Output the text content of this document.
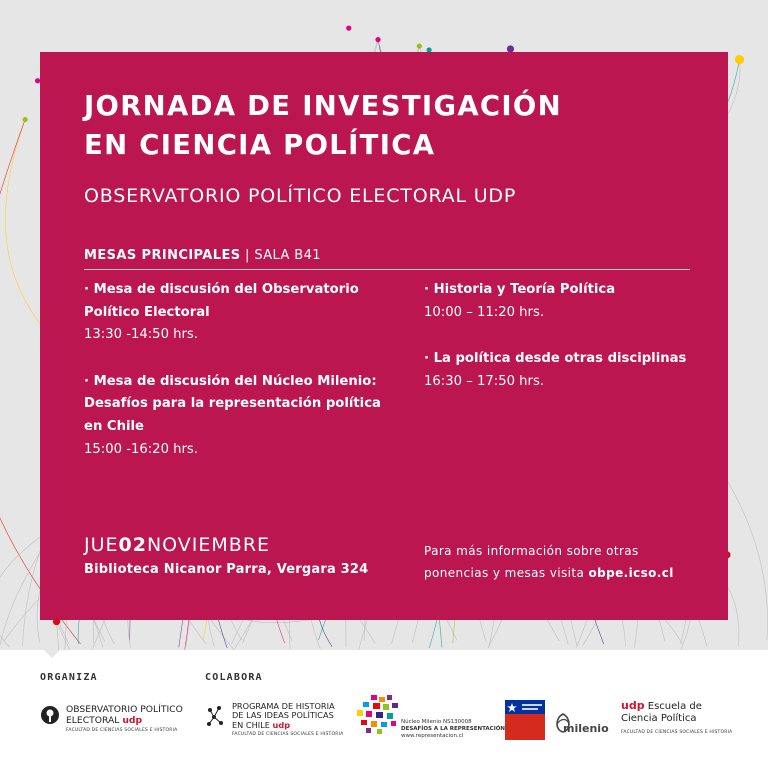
JORNADA DE INVESTIGACIÓN
EN CIENCIA POLÍTICA
OBSERVATORIO POLÍTICO ELECTORAL UDP
MESAS PRINCIPALES | SALA B41
· Mesa de discusión del Observatorio
Político Electoral
13:30 -14:50 hrs.
· Mesa de discusión del Núcleo Milenio:
Desafíos para la representación política
en Chile
15:00 -16:20 hrs.
· Historia y Teoría Política
10:00 – 11:20 hrs.
· La política desde otras disciplinas
16:30 – 17:50 hrs.
JUE02NOVIEMBRE
Biblioteca Nicanor Parra, Vergara 324
Para más información sobre otras
ponencias y mesas visita obpe.icso.cl
ORGANIZA	COLABORA
OBSERVATORIO POLÍTICO
ELECTORAL udp
FACULTAD DE CIENCIAS SOCIALES E HISTORIA
PROGRAMA DE HISTORIA
DE LAS IDEAS POLÍTICAS
EN CHILE udp
FACULTAD DE CIENCIAS SOCIALES E HISTORIA
Núcleo Milenio NS130008
DESAFÍOS A LA REPRESENTACIÓN
www.representacion.cl
milenio
udp Escuela de
Ciencia Política
FACULTAD DE CIENCIAS SOCIALES E HISTORIA
